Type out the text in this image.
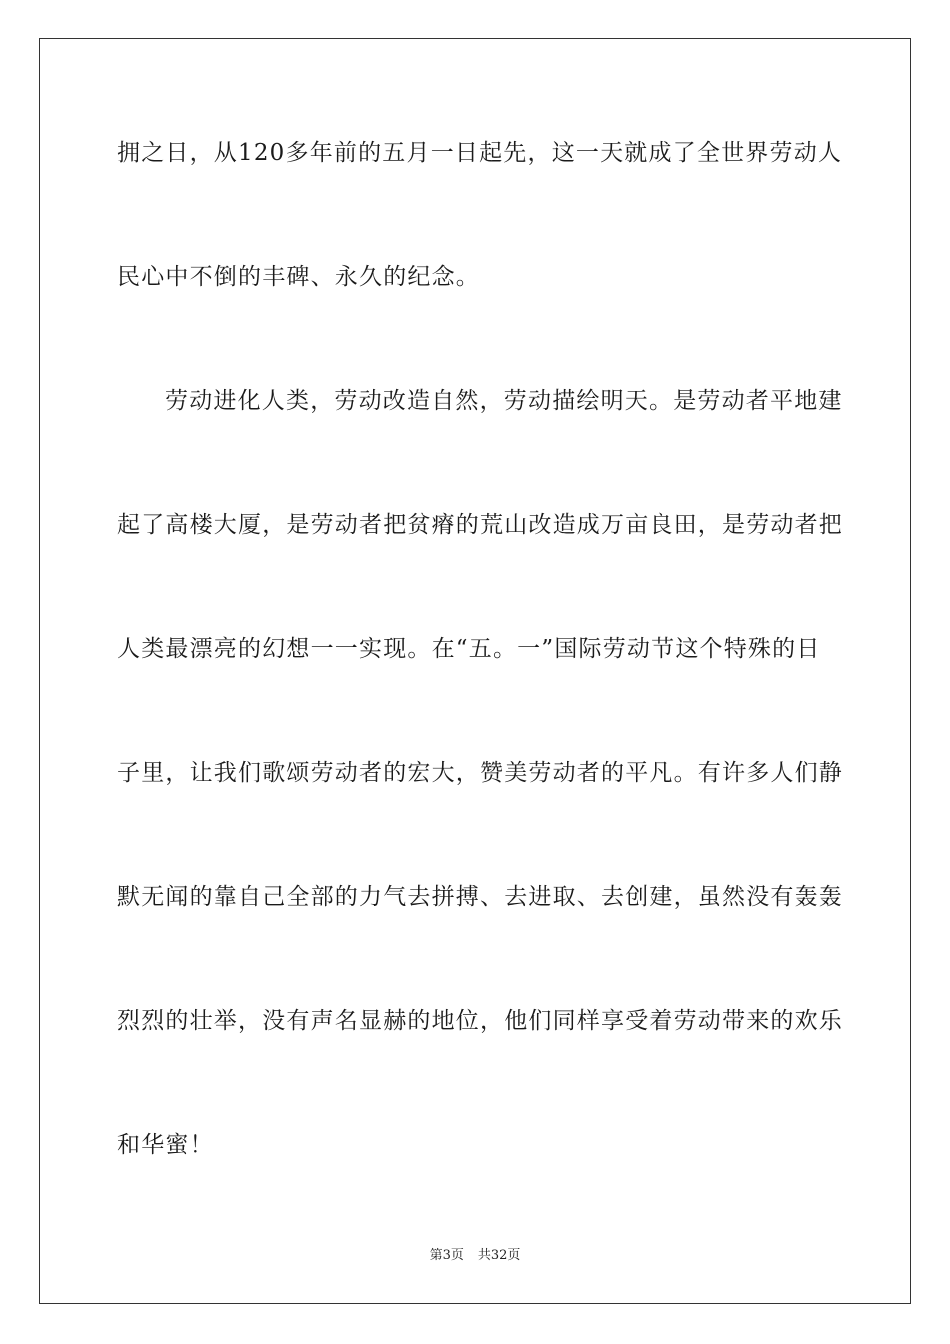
拥之日，从120多年前的五月一日起先，这一天就成了全世界劳动人
民心中不倒的丰碑、永久的纪念。
劳动进化人类，劳动改造自然，劳动描绘明天。是劳动者平地建
起了高楼大厦，是劳动者把贫瘠的荒山改造成万亩良田，是劳动者把
人类最漂亮的幻想一一实现。在“五。一”国际劳动节这个特殊的日
子里，让我们歌颂劳动者的宏大，赞美劳动者的平凡。有许多人们静
默无闻的靠自己全部的力气去拼搏、去进取、去创建，虽然没有轰轰
烈烈的壮举，没有声名显赫的地位，他们同样享受着劳动带来的欢乐
和华蜜！
第3页 共32页
